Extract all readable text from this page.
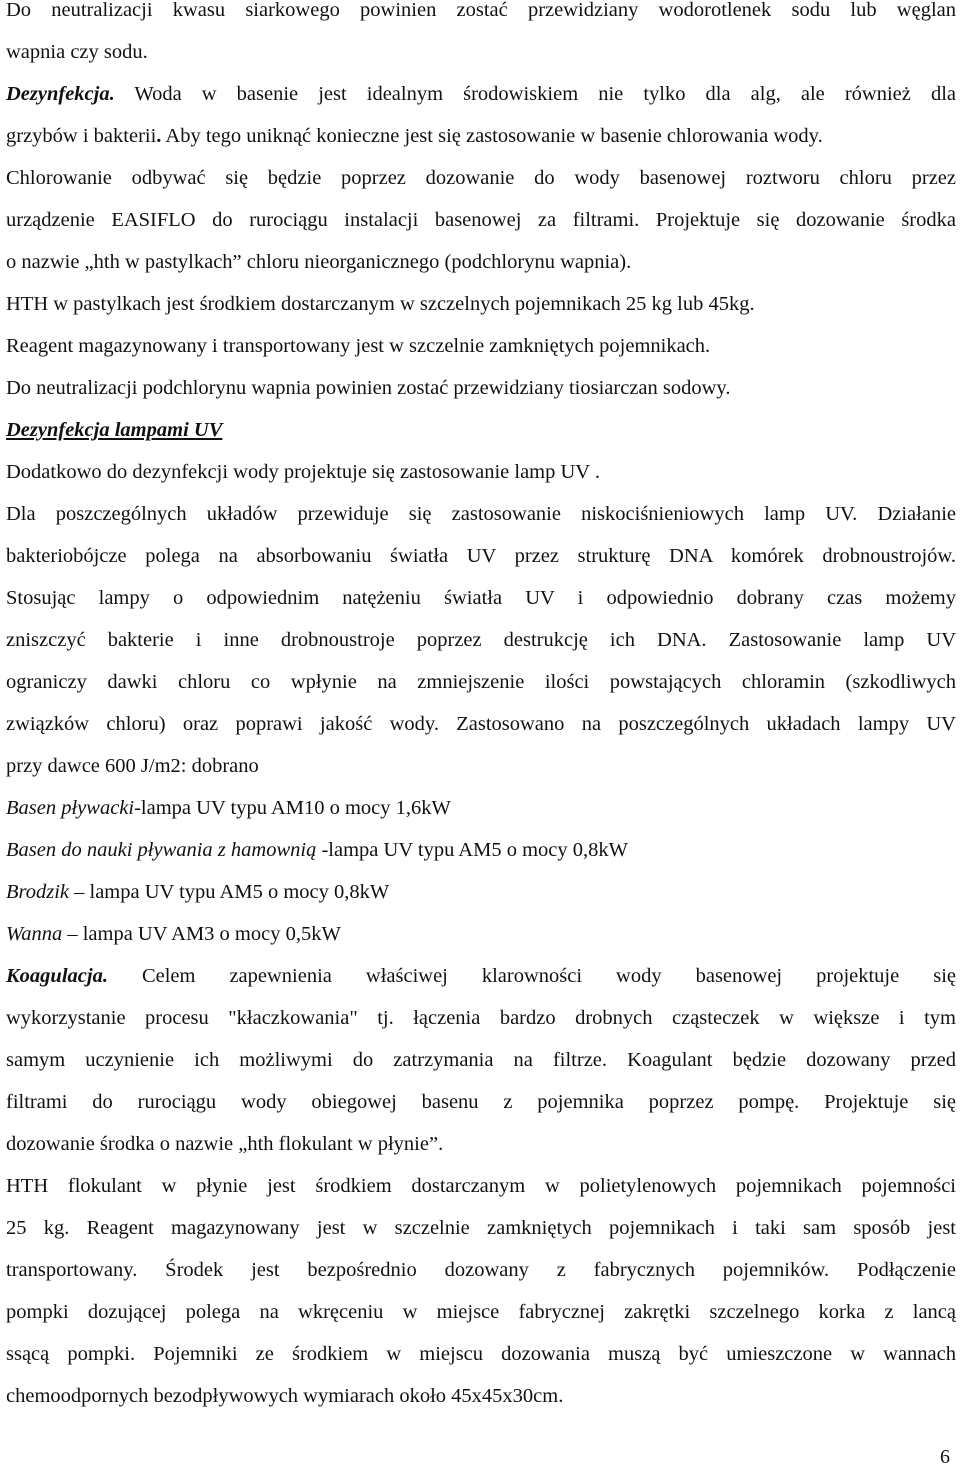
Do neutralizacji kwasu siarkowego powinien zostać przewidziany wodorotlenek sodu lub węglan
wapnia czy sodu.
Dezynfekcja. Woda w basenie jest idealnym środowiskiem nie tylko dla alg, ale również dla
grzybów i bakterii. Aby tego uniknąć konieczne jest się zastosowanie w basenie chlorowania wody.
Chlorowanie odbywać się będzie poprzez dozowanie do wody basenowej roztworu chloru przez
urządzenie EASIFLO do rurociągu instalacji basenowej za filtrami. Projektuje się dozowanie środka
o nazwie „hth w pastylkach” chloru nieorganicznego (podchlorynu wapnia).
HTH w pastylkach jest środkiem dostarczanym w szczelnych pojemnikach 25 kg lub 45kg.
Reagent magazynowany i transportowany jest w szczelnie zamkniętych pojemnikach.
Do neutralizacji podchlorynu wapnia powinien zostać przewidziany tiosiarczan sodowy.
Dezynfekcja lampami UV
Dodatkowo do dezynfekcji wody projektuje się zastosowanie lamp UV .
Dla poszczególnych układów przewiduje się zastosowanie niskociśnieniowych lamp UV. Działanie
bakteriobójcze polega na absorbowaniu światła UV przez strukturę DNA komórek drobnoustrojów.
Stosując lampy o odpowiednim natężeniu światła UV i odpowiednio dobrany czas możemy
zniszczyć bakterie i inne drobnoustroje poprzez destrukcję ich DNA. Zastosowanie lamp UV
ograniczy dawki chloru co wpłynie na zmniejszenie ilości powstających chloramin (szkodliwych
związków chloru) oraz poprawi jakość wody. Zastosowano na poszczególnych układach lampy UV
przy dawce 600 J/m2: dobrano
Basen pływacki-lampa UV typu AM10 o mocy 1,6kW
Basen do nauki pływania z hamownią -lampa UV typu AM5 o mocy 0,8kW
Brodzik – lampa UV typu AM5 o mocy 0,8kW
Wanna – lampa UV AM3 o mocy 0,5kW
Koagulacja. Celem zapewnienia właściwej klarowności wody basenowej projektuje się
wykorzystanie procesu "kłaczkowania" tj. łączenia bardzo drobnych cząsteczek w większe i tym
samym uczynienie ich możliwymi do zatrzymania na filtrze. Koagulant będzie dozowany przed
filtrami do rurociągu wody obiegowej basenu z pojemnika poprzez pompę. Projektuje się
dozowanie środka o nazwie „hth flokulant w płynie”.
HTH flokulant w płynie jest środkiem dostarczanym w polietylenowych pojemnikach pojemności
25 kg. Reagent magazynowany jest w szczelnie zamkniętych pojemnikach i taki sam sposób jest
transportowany. Środek jest bezpośrednio dozowany z fabrycznych pojemników. Podłączenie
pompki dozującej polega na wkręceniu w miejsce fabrycznej zakrętki szczelnego korka z lancą
ssącą pompki. Pojemniki ze środkiem w miejscu dozowania muszą być umieszczone w wannach
chemoodpornych bezodpływowych wymiarach około 45x45x30cm.
6
